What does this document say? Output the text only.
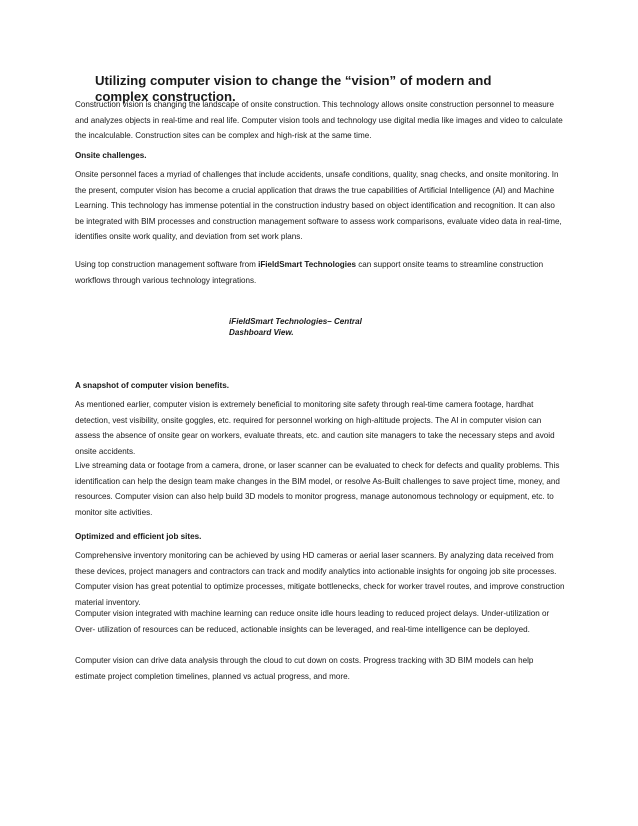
Utilizing computer vision to change the “vision” of modern and complex construction.

Construction vision is changing the landscape of onsite construction. This technology allows onsite construction personnel to measure and analyzes objects in real-time and real life. Computer vision tools and technology use digital media like images and video to calculate the incalculable. Construction sites can be complex and high-risk at the same time.

Onsite challenges.

Onsite personnel faces a myriad of challenges that include accidents, unsafe conditions, quality, snag checks, and onsite monitoring. In the present, computer vision has become a crucial application that draws the true capabilities of Artificial Intelligence (AI) and Machine Learning. This technology has immense potential in the construction industry based on object identification and recognition. It can also be integrated with BIM processes and construction management software to assess work comparisons, evaluate video data in real-time, identifies onsite work quality, and deviation from set work plans.

Using top construction management software from iFieldSmart Technologies can support onsite teams to streamline construction workflows through various technology integrations.

iFieldSmart Technologies– Central
Dashboard View.

A snapshot of computer vision benefits.

As mentioned earlier, computer vision is extremely beneficial to monitoring site safety through real-time camera footage, hardhat detection, vest visibility, onsite goggles, etc. required for personnel working on high-altitude projects. The AI in computer vision can assess the absence of onsite gear on workers, evaluate threats, etc. and caution site managers to take the necessary steps and avoid onsite accidents.

Live streaming data or footage from a camera, drone, or laser scanner can be evaluated to check for defects and quality problems. This identification can help the design team make changes in the BIM model, or resolve As-Built challenges to save project time, money, and resources. Computer vision can also help build 3D models to monitor progress, manage autonomous technology or equipment, etc. to monitor site activities.

Optimized and efficient job sites.

Comprehensive inventory monitoring can be achieved by using HD cameras or aerial laser scanners. By analyzing data received from these devices, project managers and contractors can track and modify analytics into actionable insights for ongoing job site processes. Computer vision has great potential to optimize processes, mitigate bottlenecks, check for worker travel routes, and improve construction material inventory.

Computer vision integrated with machine learning can reduce onsite idle hours leading to reduced project delays. Under-utilization or Over- utilization of resources can be reduced, actionable insights can be leveraged, and real-time intelligence can be deployed.

Computer vision can drive data analysis through the cloud to cut down on costs. Progress tracking with 3D BIM models can help estimate project completion timelines, planned vs actual progress, and more.
